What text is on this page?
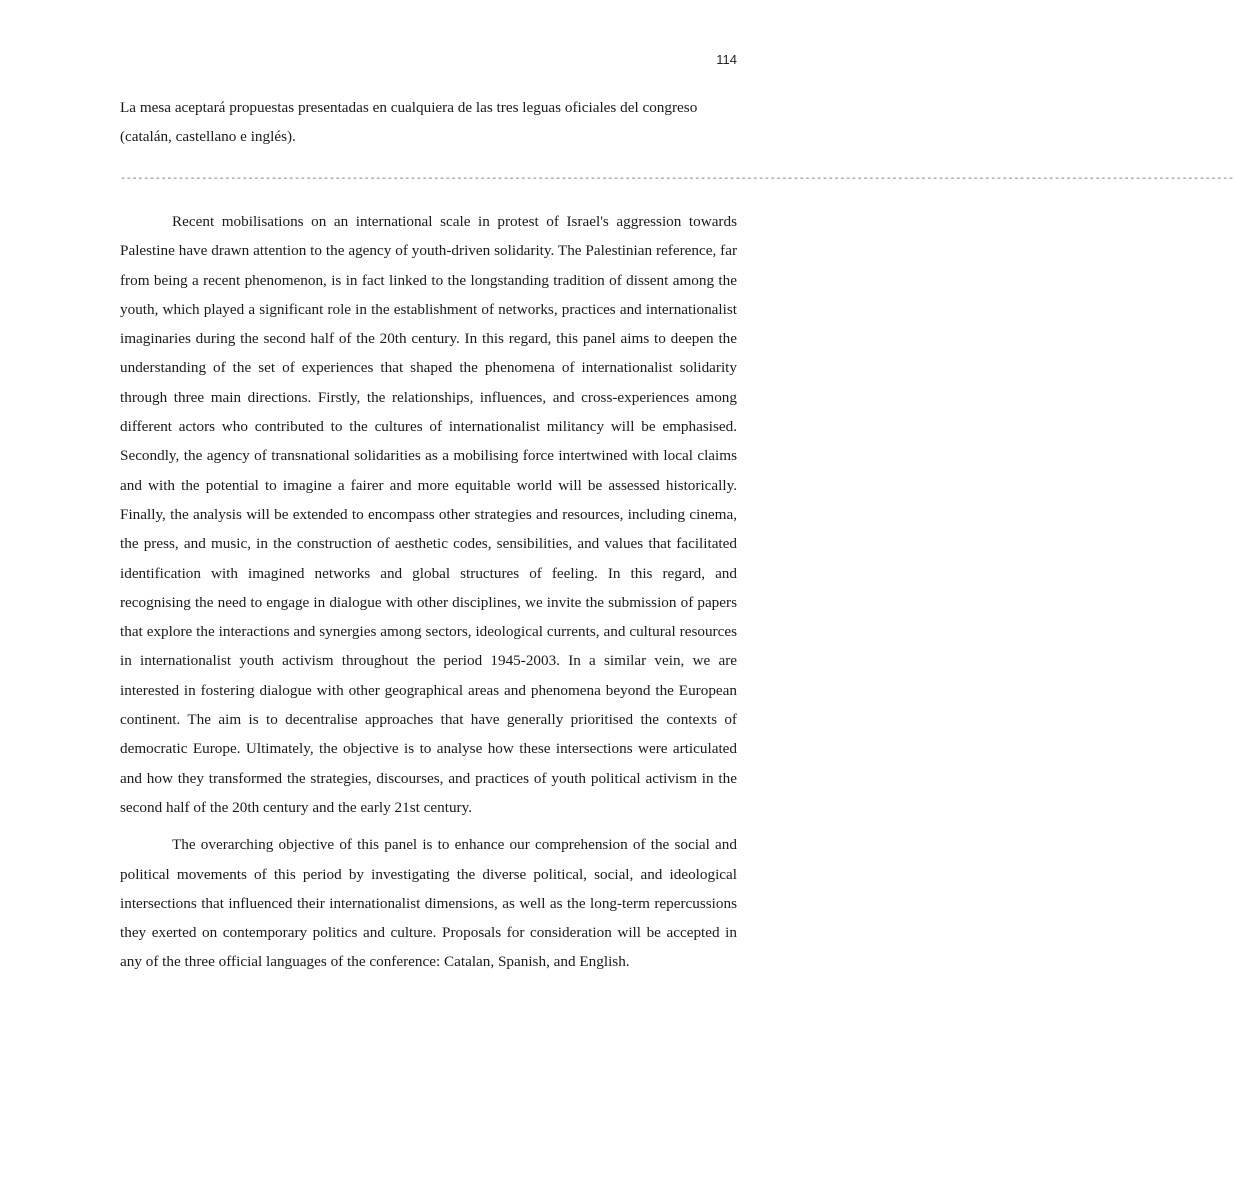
114
La mesa aceptará propuestas presentadas en cualquiera de las tres leguas oficiales del congreso (catalán, castellano e inglés).
------------------------------------------------------------------------------------------------------------------------------------------------------------------------------------------------

Recent mobilisations on an international scale in protest of Israel's aggression towards Palestine have drawn attention to the agency of youth-driven solidarity. The Palestinian reference, far from being a recent phenomenon, is in fact linked to the longstanding tradition of dissent among the youth, which played a significant role in the establishment of networks, practices and internationalist imaginaries during the second half of the 20th century. In this regard, this panel aims to deepen the understanding of the set of experiences that shaped the phenomena of internationalist solidarity through three main directions. Firstly, the relationships, influences, and cross-experiences among different actors who contributed to the cultures of internationalist militancy will be emphasised. Secondly, the agency of transnational solidarities as a mobilising force intertwined with local claims and with the potential to imagine a fairer and more equitable world will be assessed historically. Finally, the analysis will be extended to encompass other strategies and resources, including cinema, the press, and music, in the construction of aesthetic codes, sensibilities, and values that facilitated identification with imagined networks and global structures of feeling. In this regard, and recognising the need to engage in dialogue with other disciplines, we invite the submission of papers that explore the interactions and synergies among sectors, ideological currents, and cultural resources in internationalist youth activism throughout the period 1945-2003. In a similar vein, we are interested in fostering dialogue with other geographical areas and phenomena beyond the European continent. The aim is to decentralise approaches that have generally prioritised the contexts of democratic Europe. Ultimately, the objective is to analyse how these intersections were articulated and how they transformed the strategies, discourses, and practices of youth political activism in the second half of the 20th century and the early 21st century.

The overarching objective of this panel is to enhance our comprehension of the social and political movements of this period by investigating the diverse political, social, and ideological intersections that influenced their internationalist dimensions, as well as the long-term repercussions they exerted on contemporary politics and culture. Proposals for consideration will be accepted in any of the three official languages of the conference: Catalan, Spanish, and English.
